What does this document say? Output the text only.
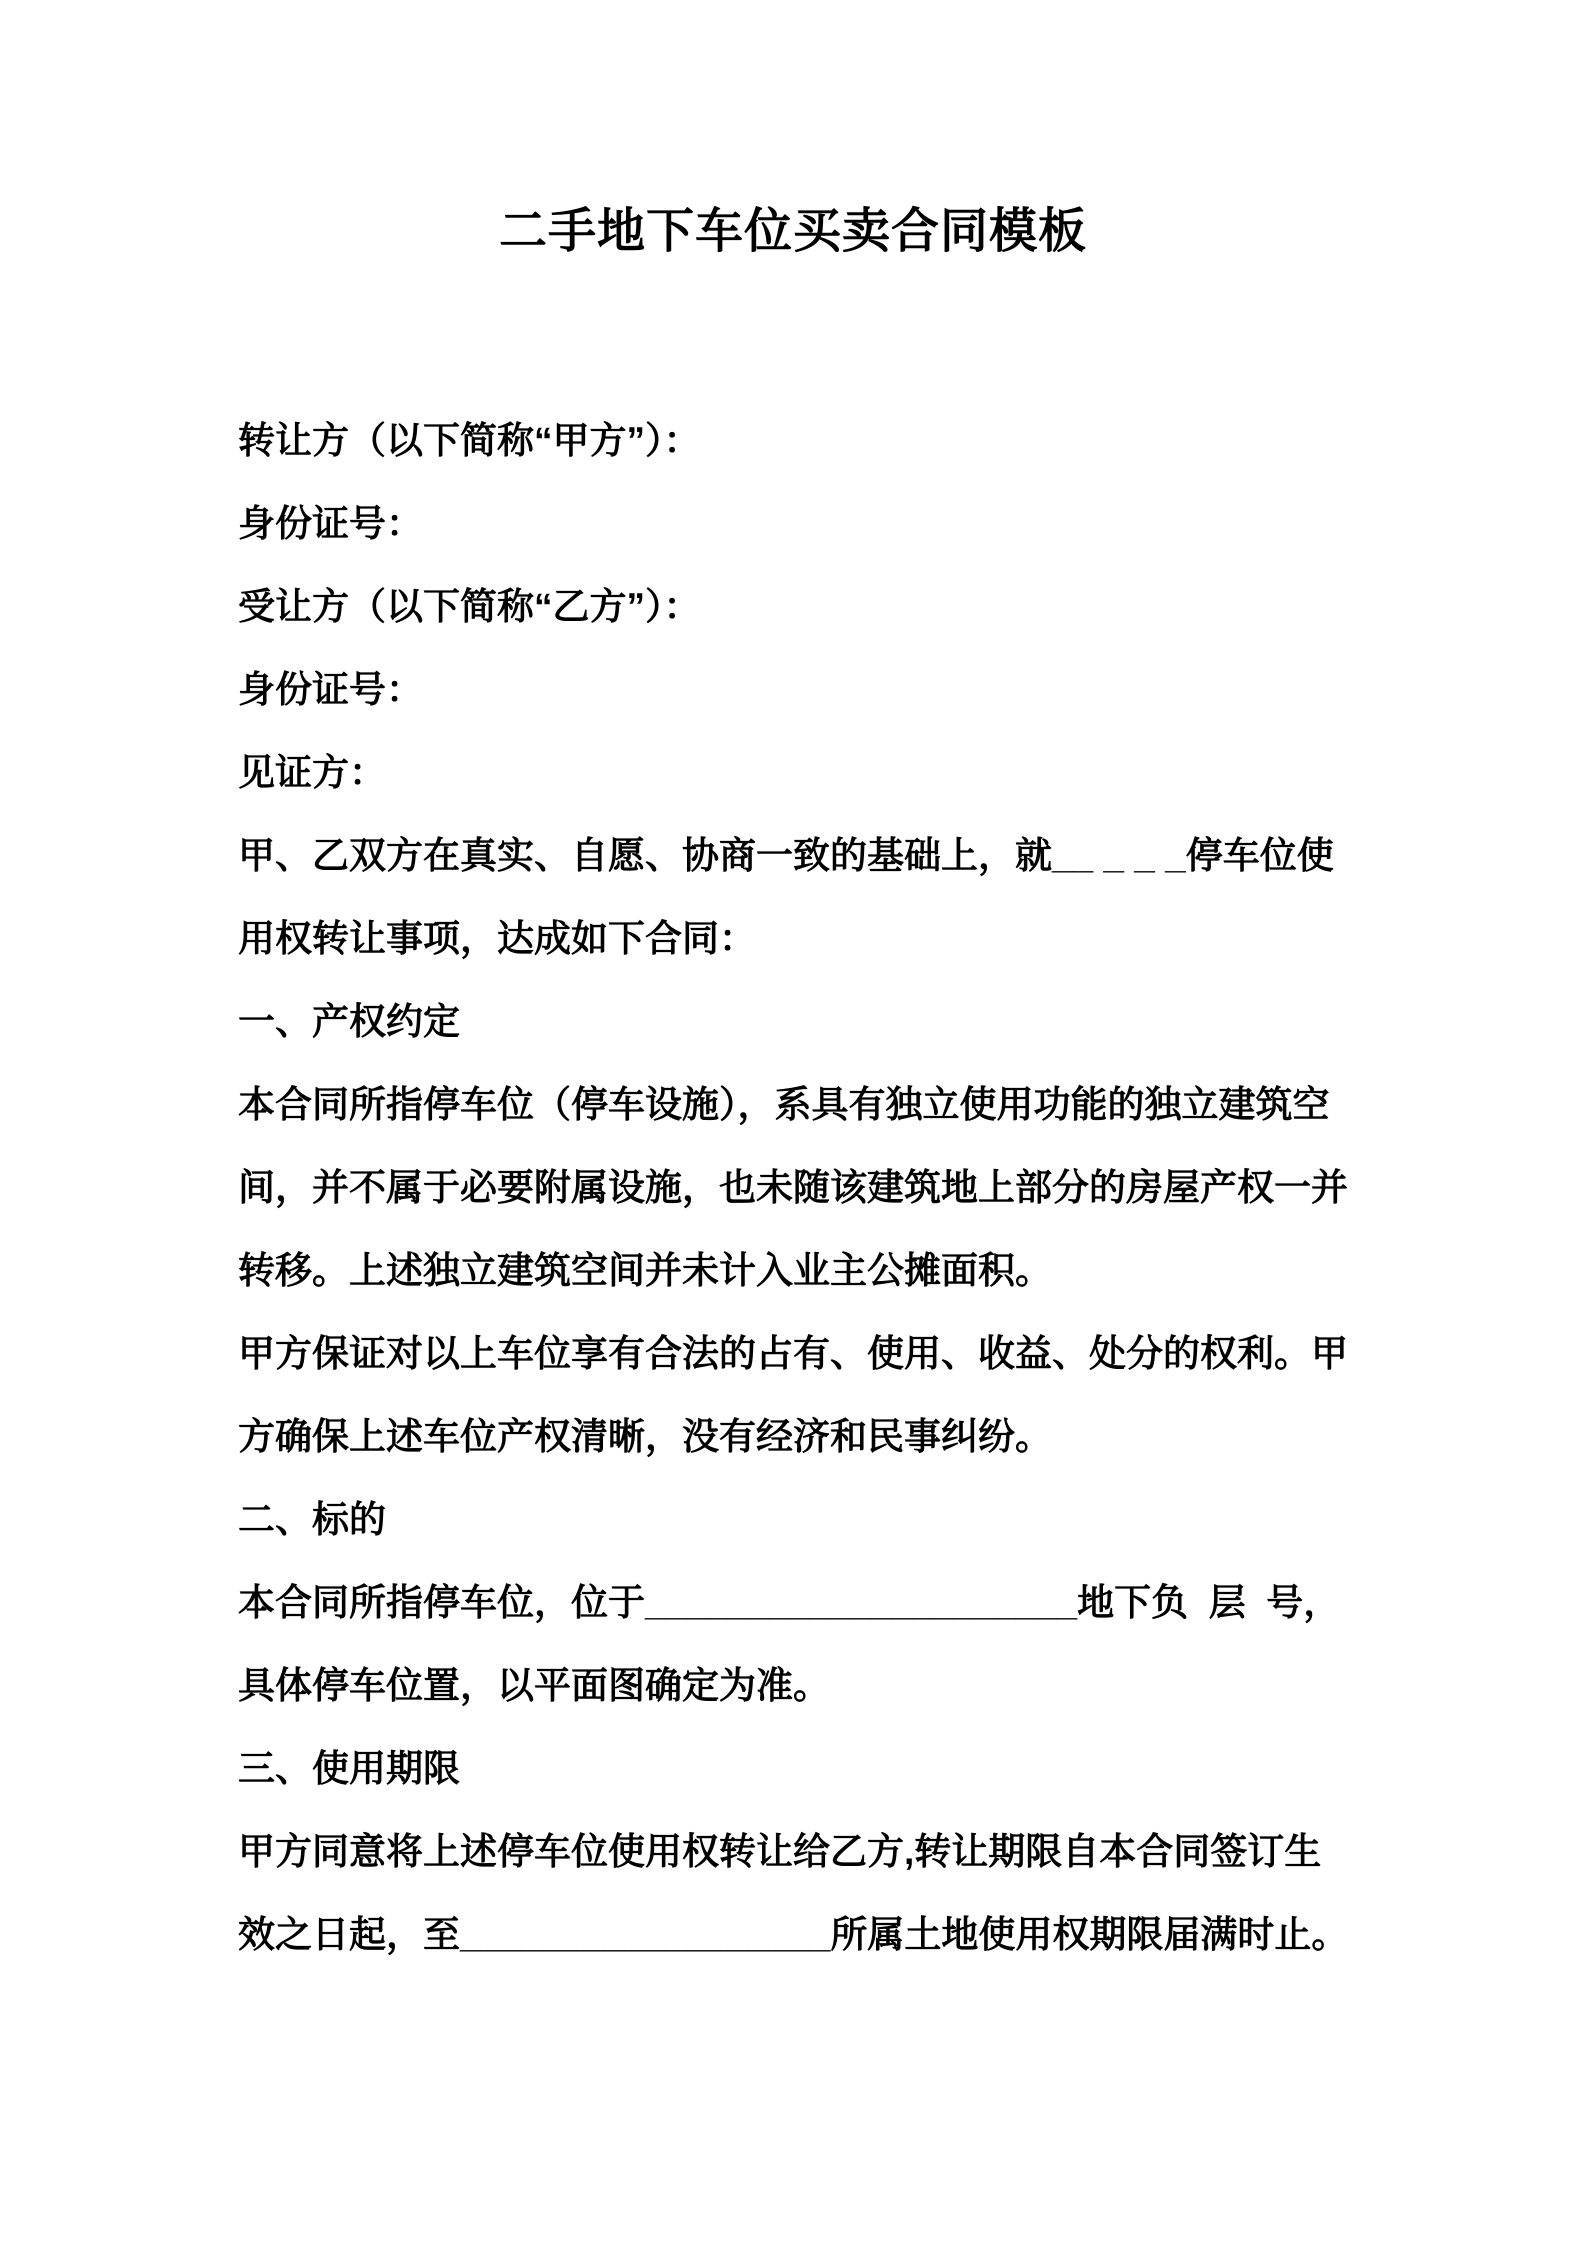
二手地下车位买卖合同模板
转让方（以下简称“甲方”）：
身份证号：
受让方（以下简称“乙方”）：
身份证号：
见证方：
甲、乙双方在真实、自愿、协商一致的基础上，就__ _ _ _停车位使
用权转让事项，达成如下合同：
一、产权约定
本合同所指停车位（停车设施），系具有独立使用功能的独立建筑空
间，并不属于必要附属设施，也未随该建筑地上部分的房屋产权一并
转移。上述独立建筑空间并未计入业主公摊面积。
甲方保证对以上车位享有合法的占有、使用、收益、处分的权利。甲
方确保上述车位产权清晰，没有经济和民事纠纷。
二、标的
本合同所指停车位，位于_____________________地下负  层  号，
具体停车位置，以平面图确定为准。
三、使用期限
甲方同意将上述停车位使用权转让给乙方,转让期限自本合同签订生
效之日起，至__________________所属土地使用权期限届满时止。
